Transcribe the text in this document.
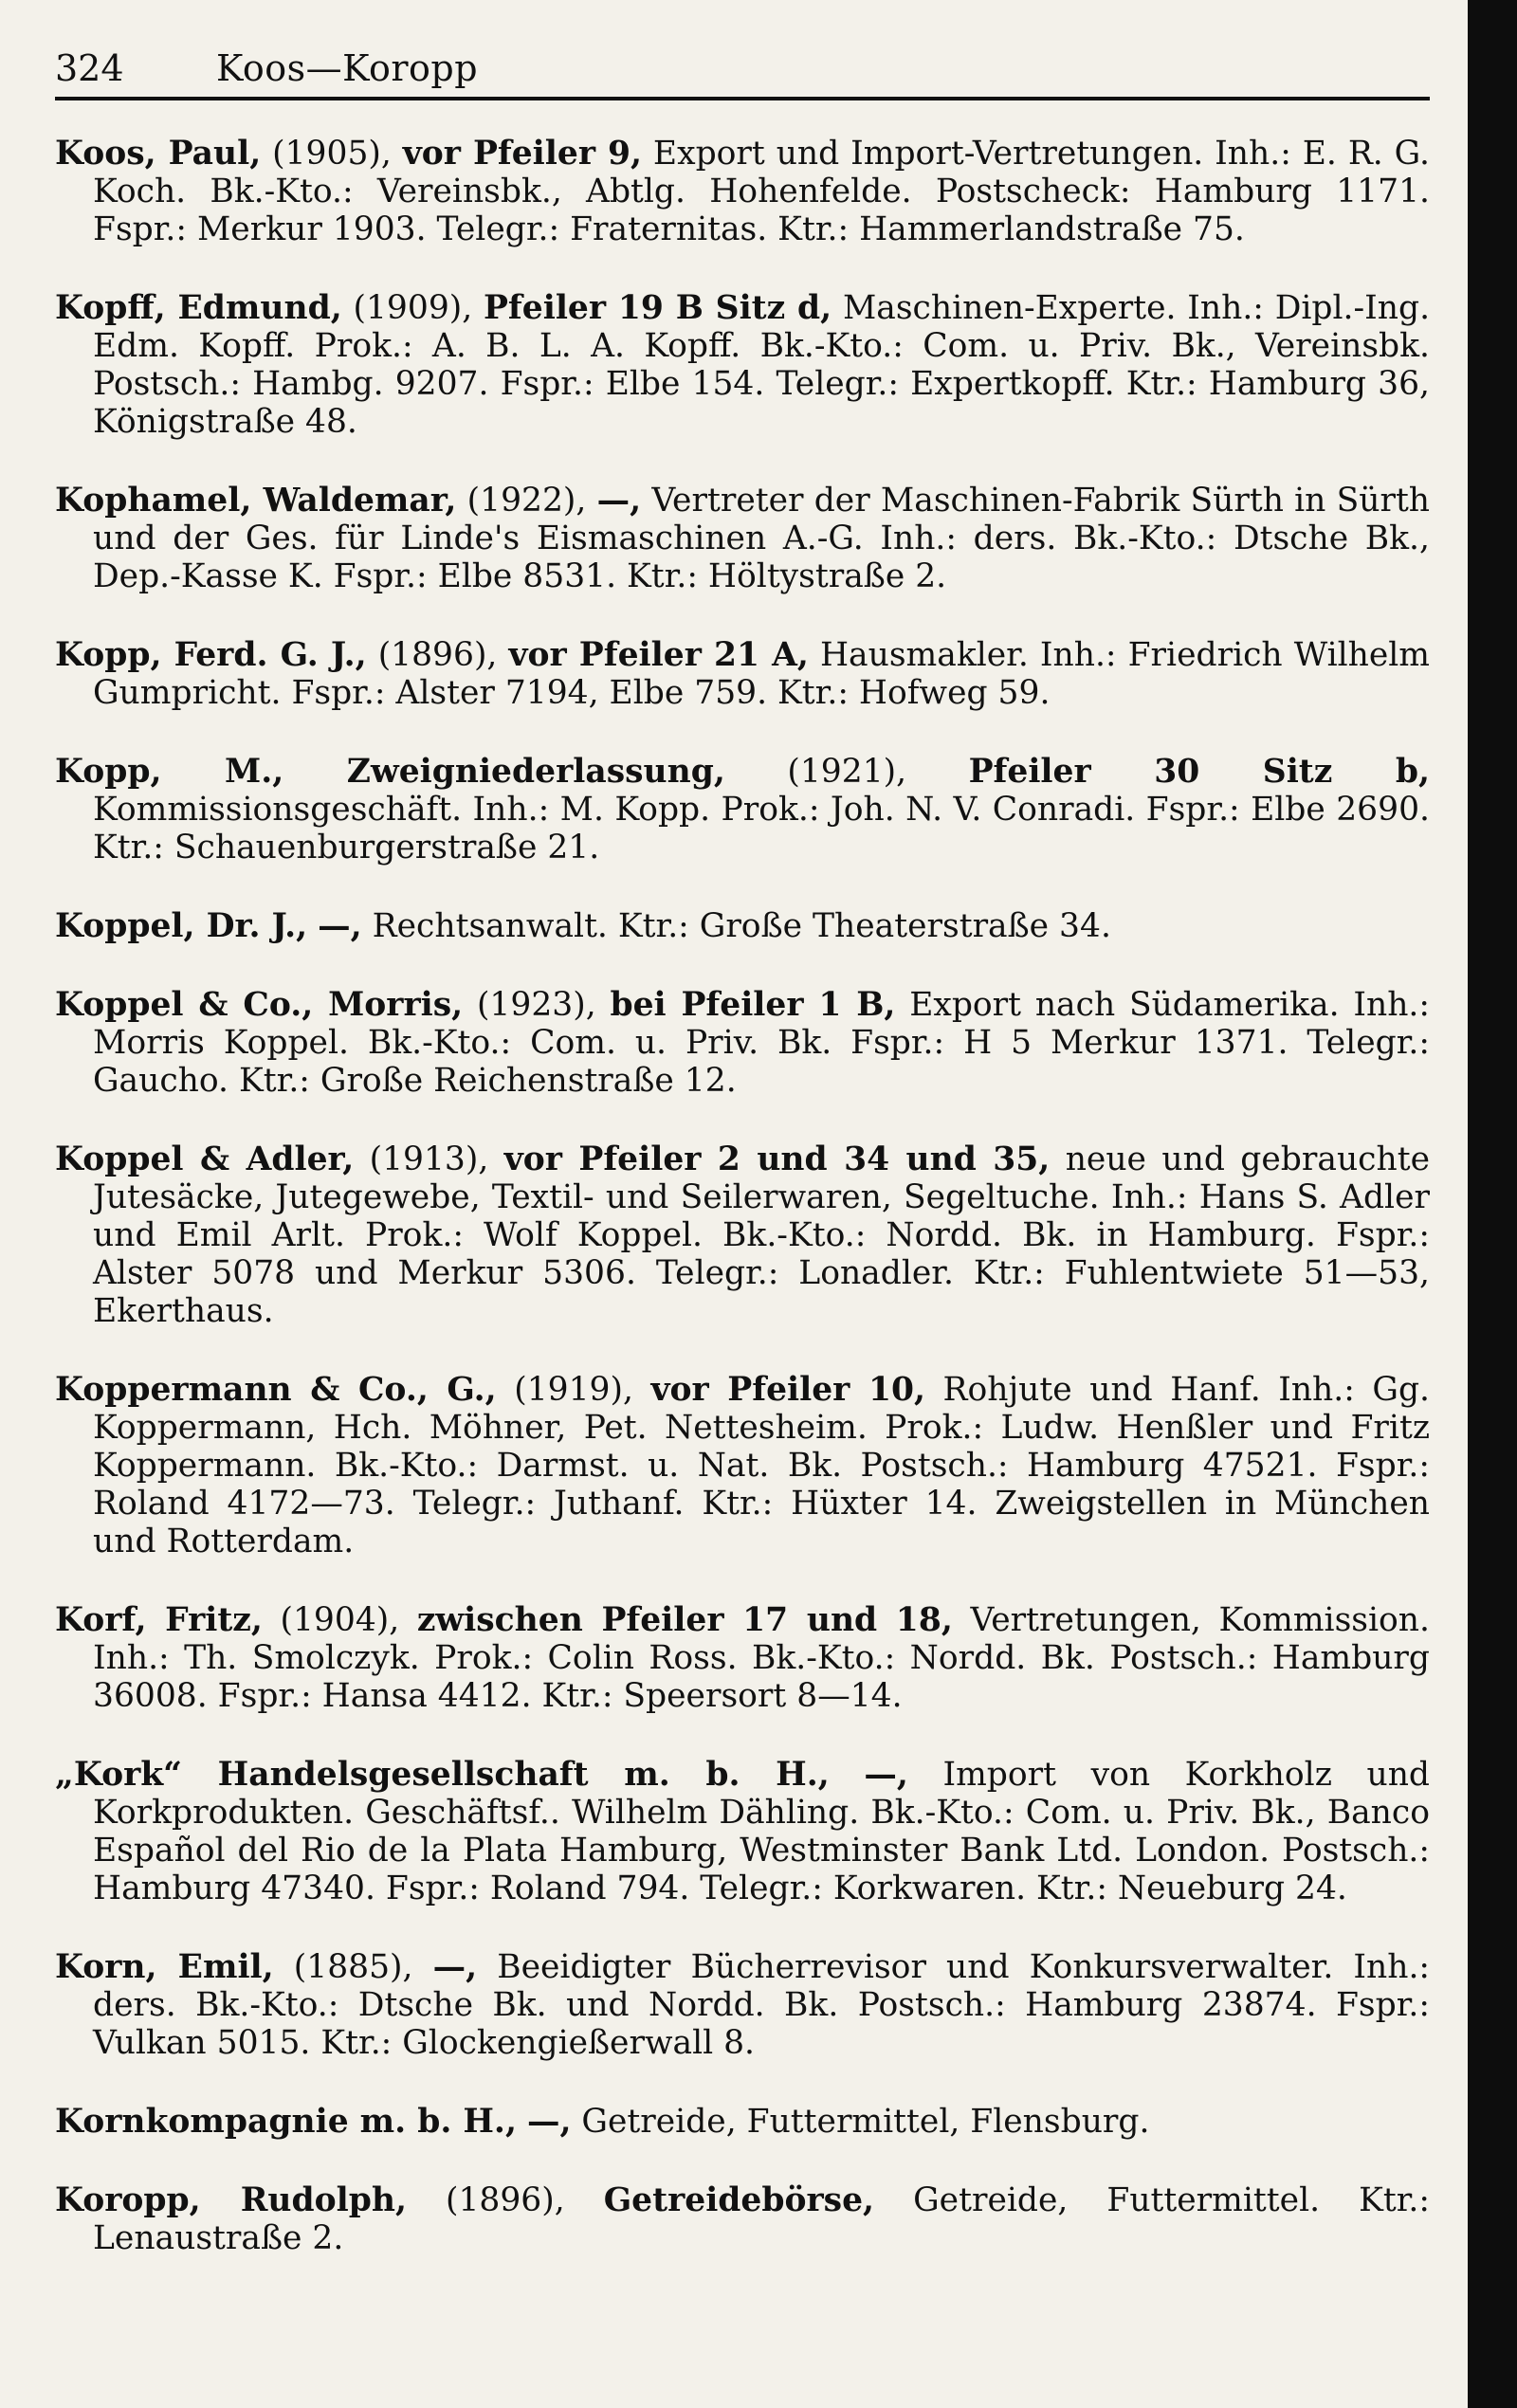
324	Koos—Koropp

Koos, Paul, (1905), vor Pfeiler 9, Export und Import-Vertretungen. Inh.: E. R. G. Koch. Bk.-Kto.: Vereinsbk., Abtlg. Hohenfelde. Postscheck: Hamburg 1171. Fspr.: Merkur 1903. Telegr.: Fraternitas. Ktr.: Hammerlandstraße 75.

Kopff, Edmund, (1909), Pfeiler 19 B Sitz d, Maschinen-Experte. Inh.: Dipl.-Ing. Edm. Kopff. Prok.: A. B. L. A. Kopff. Bk.-Kto.: Com. u. Priv. Bk., Vereinsbk. Postsch.: Hambg. 9207. Fspr.: Elbe 154. Telegr.: Expertkopff. Ktr.: Hamburg 36, Königstraße 48.

Kophamel, Waldemar, (1922), —, Vertreter der Maschinen-Fabrik Sürth in Sürth und der Ges. für Linde's Eismaschinen A.-G. Inh.: ders. Bk.-Kto.: Dtsche Bk., Dep.-Kasse K. Fspr.: Elbe 8531. Ktr.: Höltystraße 2.

Kopp, Ferd. G. J., (1896), vor Pfeiler 21 A, Hausmakler. Inh.: Friedrich Wilhelm Gumpricht. Fspr.: Alster 7194, Elbe 759. Ktr.: Hofweg 59.

Kopp, M., Zweigniederlassung, (1921), Pfeiler 30 Sitz b, Kommissionsgeschäft. Inh.: M. Kopp. Prok.: Joh. N. V. Conradi. Fspr.: Elbe 2690. Ktr.: Schauenburgerstraße 21.

Koppel, Dr. J., —, Rechtsanwalt. Ktr.: Große Theaterstraße 34.

Koppel & Co., Morris, (1923), bei Pfeiler 1 B, Export nach Südamerika. Inh.: Morris Koppel. Bk.-Kto.: Com. u. Priv. Bk. Fspr.: H 5 Merkur 1371. Telegr.: Gaucho. Ktr.: Große Reichenstraße 12.

Koppel & Adler, (1913), vor Pfeiler 2 und 34 und 35, neue und gebrauchte Jutesäcke, Jutegewebe, Textil- und Seilerwaren, Segeltuche. Inh.: Hans S. Adler und Emil Arlt. Prok.: Wolf Koppel. Bk.-Kto.: Nordd. Bk. in Hamburg. Fspr.: Alster 5078 und Merkur 5306. Telegr.: Lonadler. Ktr.: Fuhlentwiete 51—53, Ekerthaus.

Koppermann & Co., G., (1919), vor Pfeiler 10, Rohjute und Hanf. Inh.: Gg. Koppermann, Hch. Möhner, Pet. Nettesheim. Prok.: Ludw. Henßler und Fritz Koppermann. Bk.-Kto.: Darmst. u. Nat. Bk. Postsch.: Hamburg 47521. Fspr.: Roland 4172—73. Telegr.: Juthanf. Ktr.: Hüxter 14. Zweigstellen in München und Rotterdam.

Korf, Fritz, (1904), zwischen Pfeiler 17 und 18, Vertretungen, Kommission. Inh.: Th. Smolczyk. Prok.: Colin Ross. Bk.-Kto.: Nordd. Bk. Postsch.: Hamburg 36008. Fspr.: Hansa 4412. Ktr.: Speersort 8—14.

„Kork“ Handelsgesellschaft m. b. H., —, Import von Korkholz und Korkprodukten. Geschäftsf.. Wilhelm Dähling. Bk.-Kto.: Com. u. Priv. Bk., Banco Español del Rio de la Plata Hamburg, Westminster Bank Ltd. London. Postsch.: Hamburg 47340. Fspr.: Roland 794. Telegr.: Korkwaren. Ktr.: Neueburg 24.

Korn, Emil, (1885), —, Beeidigter Bücherrevisor und Konkursverwalter. Inh.: ders. Bk.-Kto.: Dtsche Bk. und Nordd. Bk. Postsch.: Hamburg 23874. Fspr.: Vulkan 5015. Ktr.: Glockengießerwall 8.

Kornkompagnie m. b. H., —, Getreide, Futtermittel, Flensburg.

Koropp, Rudolph, (1896), Getreidebörse, Getreide, Futtermittel. Ktr.: Lenaustraße 2.
